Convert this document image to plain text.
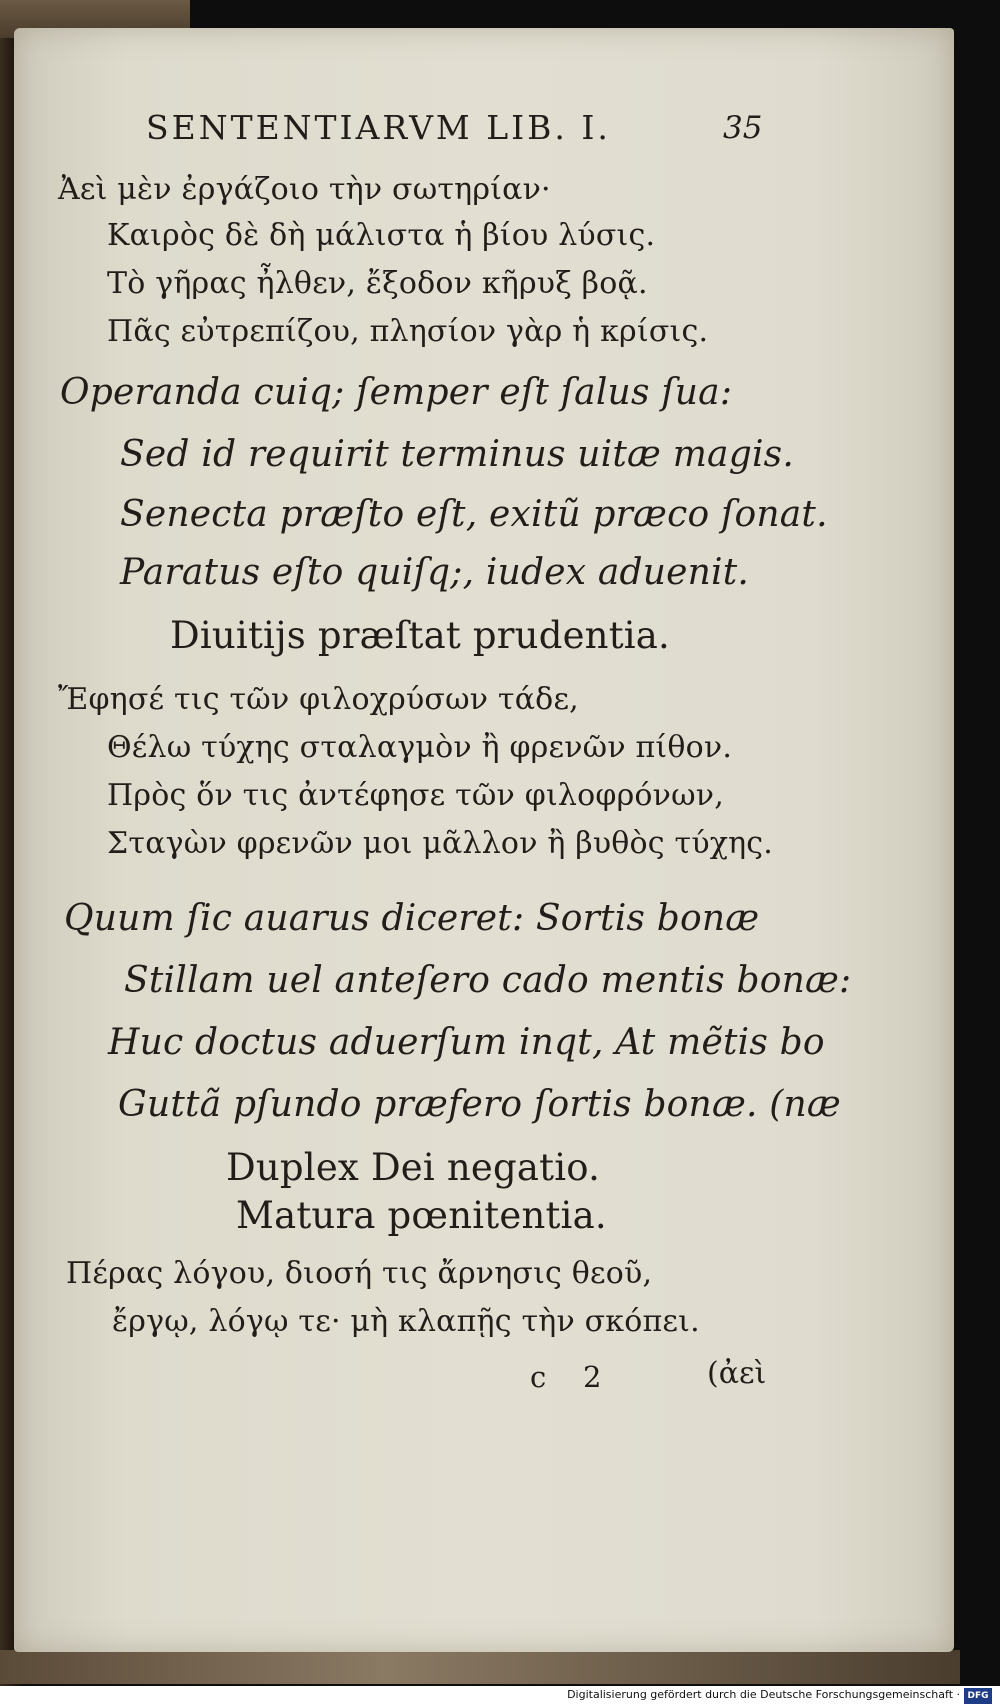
SENTENTIARVM LIB. I.	35
Ἀεὶ μὲν ἐργάζοιο τὴν σωτηρίαν·
Καιρὸς δὲ δὴ μάλιστα ἡ βίου λύσις.
Τὸ γῆρας ἦλθεν, ἔξοδον κῆρυξ βοᾷ.
Πᾶς εὐτρεπίζου, πλησίον γὰρ ἡ κρίσις.
Operanda cuiq; ſemper eſt ſalus ſua:
Sed id requirit terminus uitæ magis.
Senecta præſto eſt, exitũ præco ſonat.
Paratus eſto quiſq;, iudex aduenit.
Diuitijs præſtat prudentia.
Ἔφησέ τις τῶν φιλοχρύσων τάδε,
Θέλω τύχης σταλαγμὸν ἢ φρενῶν πίθον.
Πρὸς ὅν τις ἀντέφησε τῶν φιλοφρόνων,
Σταγὼν φρενῶν μοι μᾶλλον ἢ βυθὸς τύχης.
Quum ſic auarus diceret: Sortis bonæ
Stillam uel anteſero cado mentis bonæ:
Huc doctus aduerſum inqt, At mẽtis bo
Guttã pſundo præfero ſortis bonæ. (næ
Duplex Dei negatio.
Matura pœnitentia.
Πέρας λόγου, διοσή τις ἄρνησις θεοῦ,
ἔργῳ, λόγῳ τε· μὴ κλαπῇς τὴν σκόπει.
c 2	(ἀεὶ
Digitalisierung gefördert durch die Deutsche Forschungsgemeinschaft · DFG
